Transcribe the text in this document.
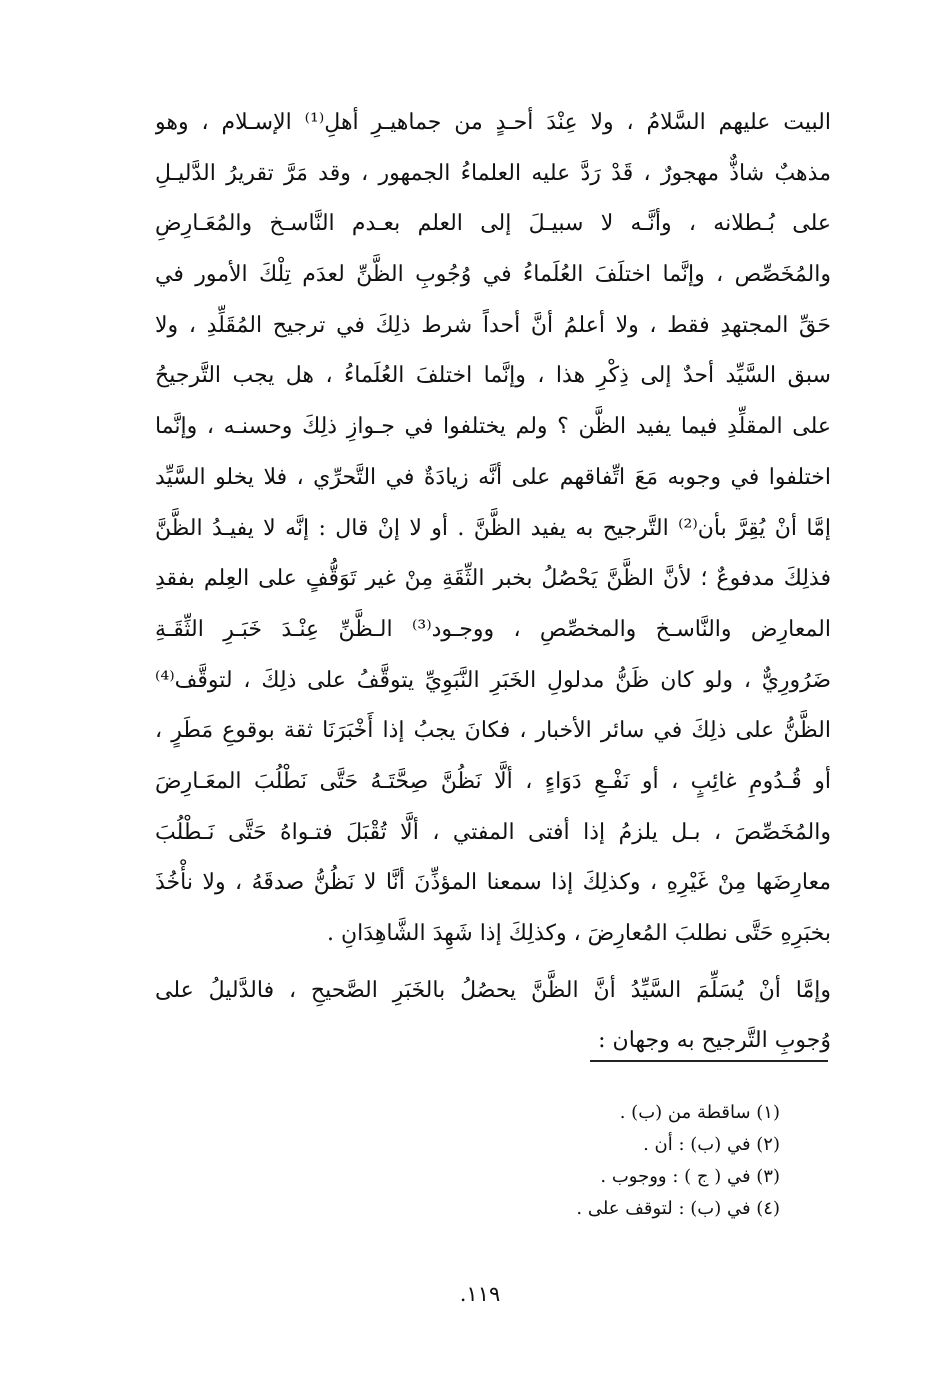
البيت عليهم السَّلامُ ، ولا عِنْدَ أحـدٍ من جماهيـرِ أهلِ⁽¹⁾ الإسـلام ، وهو
مذهبٌ شاذٌّ مهجورٌ ، قَدْ رَدَّ عليه العلماءُ الجمهور ، وقد مَرَّ تقريرُ الدَّليـلِ
على بُـطلانه ، وأنَّـه لا سبيـلَ إلى العلم بعـدم النَّاسـخ والمُعَـارِضِ
والمُخَصِّص ، وإنَّما اختلَفَ العُلَماءُ في وُجُوبِ الظَّنِّ لعدَم تِلْكَ الأمور في
حَقِّ المجتهدِ فقط ، ولا أعلمُ أنَّ أحداً شرط ذلِكَ في ترجيح المُقَلِّدِ ، ولا
سبق السَّيِّد أحدٌ إلى ذِكْرِ هذا ، وإنَّما اختلفَ العُلَماءُ ، هل يجب التَّرجيحُ
على المقلِّدِ فيما يفيد الظَّن ؟ ولم يختلفوا في جـوازِ ذلِكَ وحسنـه ، وإنَّما
اختلفوا في وجوبه مَعَ اتِّفاقهم على أنَّه زيادَةٌ في التَّحرِّي ، فلا يخلو السَّيِّد
إمَّا أنْ يُقِرَّ بأن⁽²⁾ التَّرجيح به يفيد الظَّنَّ . أو لا إنْ قال : إنَّه لا يفيـدُ الظَّنَّ
فذلِكَ مدفوعٌ ؛ لأنَّ الظَّنَّ يَحْصُلُ بخبر الثِّقَةِ مِنْ غير تَوَقُّفٍ على العِلم بفقدِ
المعارِض والنَّاسـخ والمخصِّصِ ، ووجـود⁽³⁾ الـظَّنِّ عِنْـدَ خَبَـرِ الثِّقَـةِ
ضَرُورِيٌّ ، ولو كان ظَنُّ مدلولِ الخَبَرِ النَّبَوِيِّ يتوقَّفُ على ذلِكَ ، لتوقَّف⁽⁴⁾
الظَّنُّ على ذلِكَ في سائر الأخبار ، فكانَ يجبُ إذا أَخْبَرَنَا ثقة بوقوعِ مَطَرٍ ،
أو قُـدُومِ غائِبٍ ، أو نَفْـعِ دَوَاءٍ ، ألَّا نَظُنَّ صِحَّتَـهُ حَتَّى نَطْلُبَ المعَـارِضَ
والمُخَصِّصَ ، بـل يلزمُ إذا أفتى المفتي ، ألَّا تُقْبَلَ فتـواهُ حَتَّى نَـطْلُبَ
معارِضَها مِنْ غَيْرِهِ ، وكذلِكَ إذا سمعنا المؤذِّنَ أنَّا لا نَظُنُّ صدقَهُ ، ولا نأْخُذَ
بخبَرِهِ حَتَّى نطلبَ المُعارِضَ ، وكذلِكَ إذا شَهِدَ الشَّاهِدَانِ .
وإمَّا أنْ يُسَلِّمَ السَّيِّدُ أنَّ الظَّنَّ يحصُلُ بالخَبَرِ الصَّحيحِ ، فالدَّليلُ على
وُجوبِ التَّرجيح به وجهان :
(١) ساقطة من (ب) .
(٢) في (ب) : أن .
(٣) في ( ج ) : ووجوب .
(٤) في (ب) : لتوقف على .
١١٩.
